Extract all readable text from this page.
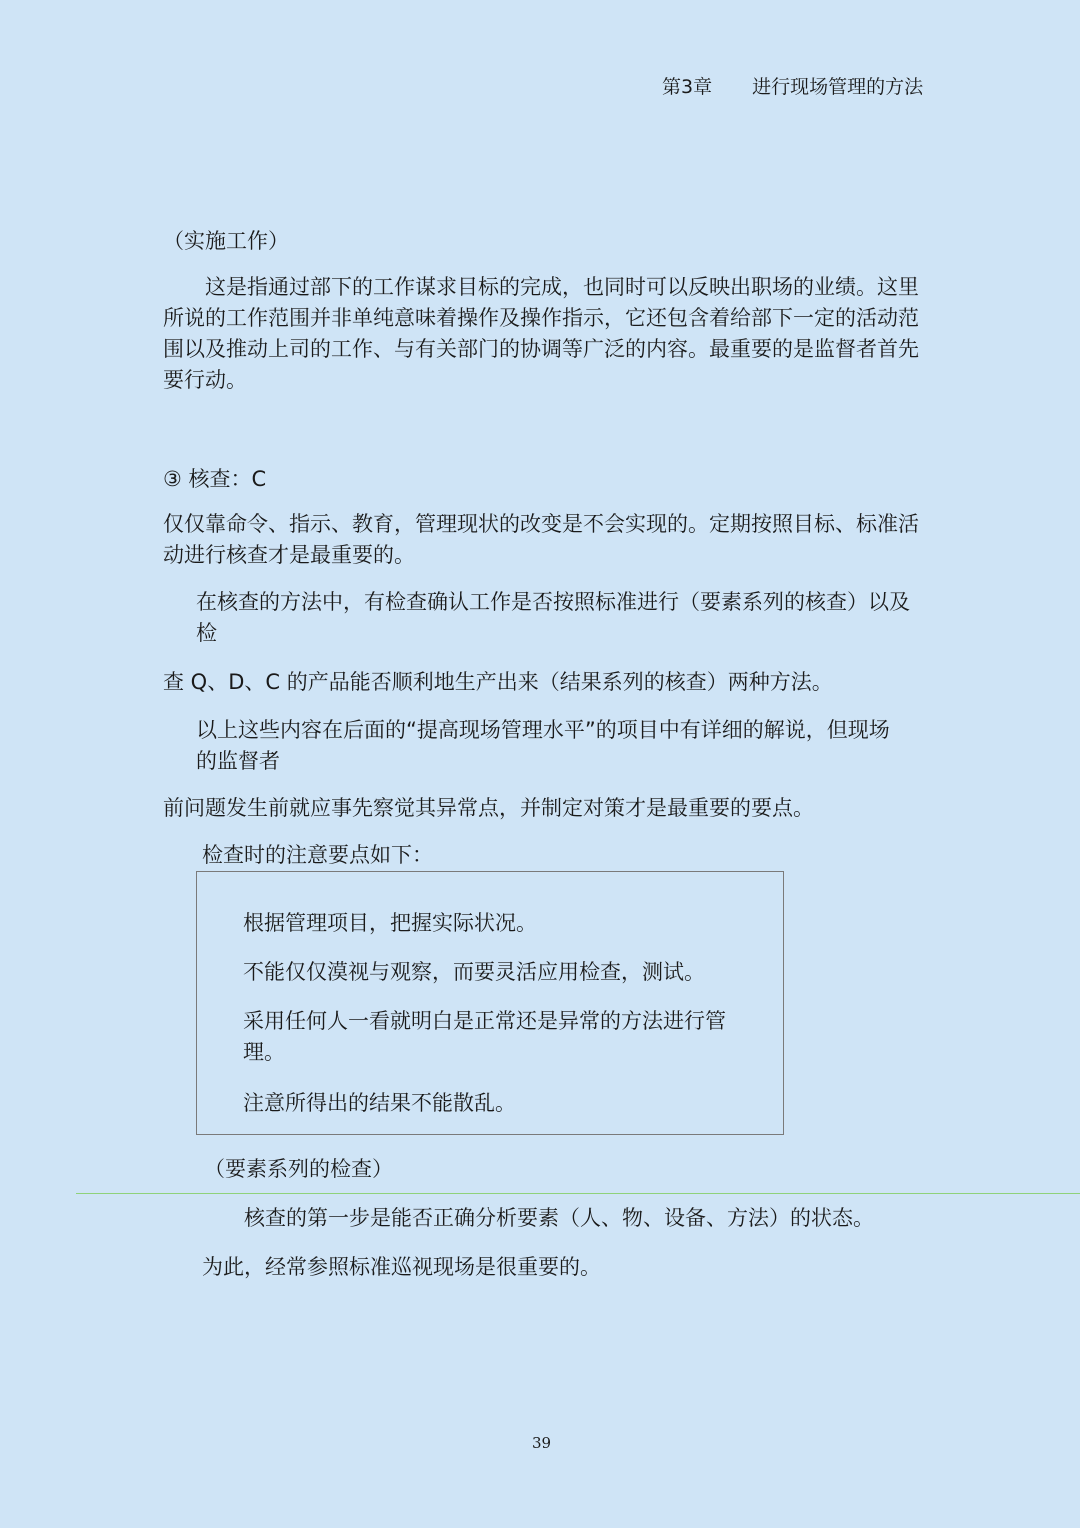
第3章 进行现场管理的方法
（实施工作）
　　这是指通过部下的工作谋求目标的完成，也同时可以反映出职场的业绩。这里所说的工作范围并非单纯意味着操作及操作指示，它还包含着给部下一定的活动范围以及推动上司的工作、与有关部门的协调等广泛的内容。最重要的是监督者首先要行动。
③ 核查：C
仅仅靠命令、指示、教育，管理现状的改变是不会实现的。定期按照目标、标准活动进行核查才是最重要的。
在核查的方法中，有检查确认工作是否按照标准进行（要素系列的核查）以及检
查 Q、D、C 的产品能否顺利地生产出来（结果系列的核查）两种方法。
以上这些内容在后面的“提高现场管理水平”的项目中有详细的解说，但现场的监督者
前问题发生前就应事先察觉其异常点，并制定对策才是最重要的要点。
检查时的注意要点如下：
根据管理项目，把握实际状况。
不能仅仅漠视与观察，而要灵活应用检查，测试。
采用任何人一看就明白是正常还是异常的方法进行管理。
注意所得出的结果不能散乱。
（要素系列的检查）
核查的第一步是能否正确分析要素（人、物、设备、方法）的状态。
为此，经常参照标准巡视现场是很重要的。
39
